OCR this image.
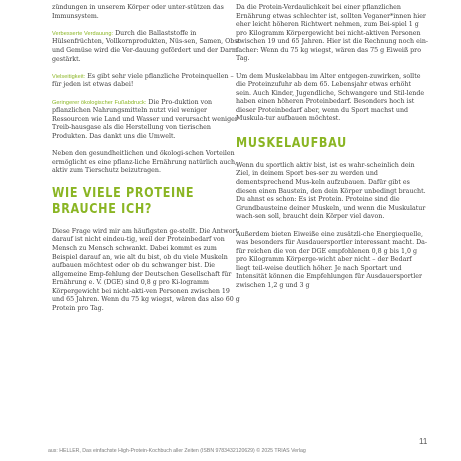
zündungen in unserem Körper oder unter-stützen das Immunsystem.

Verbesserte Verdauung: Durch die Ballaststoffe in Hülsenfrüchten, Vollkornprodukten, Nüs-sen, Samen, Obst und Gemüse wird die Ver-dauung gefördert und der Darm gestärkt.

Vielseitigkeit: Es gibt sehr viele pflanzliche Proteinquellen – für jeden ist etwas dabei!

Geringerer ökologischer Fußabdruck: Die Pro-duktion von pflanzlichen Nahrungsmitteln nutzt viel weniger Ressourcen wie Land und Wasser und verursacht weniger Treib-hausgase als die Herstellung von tierischen Produkten. Das dankt uns die Umwelt.

Neben den gesundheitlichen und ökologi-schen Vorteilen ermöglicht es eine pflanz-liche Ernährung natürlich auch, aktiv zum Tierschutz beizutragen.

WIE VIELE PROTEINE BRAUCHE ICH?

Diese Frage wird mir am häufigsten ge-stellt. Die Antwort darauf ist nicht eindeu-tig, weil der Proteinbedarf von Mensch zu Mensch schwankt. Dabei kommt es zum Beispiel darauf an, wie alt du bist, ob du viele Muskeln aufbauen möchtest oder ob du schwanger bist. Die allgemeine Emp-fehlung der Deutschen Gesellschaft für Ernährung e. V. (DGE) sind 0,8 g pro Ki-logramm Körpergewicht bei nicht-akti-ven Personen zwischen 19 und 65 Jahren. Wenn du 75 kg wiegst, wären das also 60 g Protein pro Tag.

Da die Protein-Verdaulichkeit bei einer pflanzlichen Ernährung etwas schlechter ist, sollten Veganer*innen hier eher leicht höheren Richtwert nehmen, zum Bei-spiel 1 g pro Kilogramm Körpergewicht bei nicht-aktiven Personen zwischen 19 und 65 Jahren. Hier ist die Rechnung noch ein-facher: Wenn du 75 kg wiegst, wären das 75 g Eiweiß pro Tag.

Um dem Muskelabbau im Alter entgegen-zuwirken, sollte die Proteinzufuhr ab dem 65. Lebensjahr etwas erhöht sein. Auch Kinder, Jugendliche, Schwangere und Stil-lende haben einen höheren Proteinbedarf. Besonders hoch ist dieser Proteinbedarf aber, wenn du Sport machst und Muskula-tur aufbauen möchtest.

MUSKELAUFBAU

Wenn du sportlich aktiv bist, ist es wahr-scheinlich dein Ziel, in deinem Sport bes-ser zu werden und dementsprechend Mus-keln aufzubauen. Dafür gibt es diesen einen Baustein, den dein Körper unbedingt braucht. Du ahnst es schon: Es ist Protein. Proteine sind die Grundbausteine deiner Muskeln, und wenn die Muskulatur wach-sen soll, braucht dein Körper viel davon.

Außerdem bieten Eiweiße eine zusätzli-che Energiequelle, was besonders für Ausdauersportler interessant macht. Da-für reichen die von der DGE empfohlenen 0,8 g bis 1,0 g pro Kilogramm Körperge-wicht aber nicht – der Bedarf liegt teil-weise deutlich höher. Je nach Sportart und Intensität können die Empfehlungen für Ausdauersportler zwischen 1,2 g und 3 g

11
aus: HELLER, Das einfachste High-Protein-Kochbuch aller Zeiten (ISBN 9783432120629) © 2025 TRIAS Verlag
